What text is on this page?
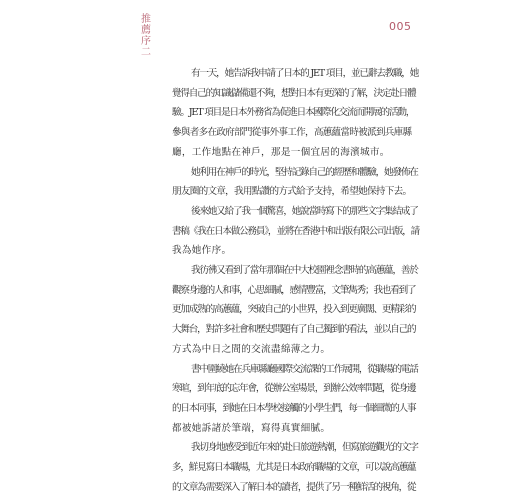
推
薦
序
二
005

有一天，她告訴我申請了日本的 JET 項目，並已辭去教職，她

覺得自己的知識儲備還不夠，想對日本有更深的了解，決定赴日體

驗。JET 項目是日本外務省為促進日本國際化交流而開展的活動，

參與者多在政府部門從事外事工作，高蕙蘊當時被派到兵庫縣

廳，工作地點在神戶，那是一個宜居的海濱城市。

她利用在神戶的時光，堅持記錄自己的經歷和體驗，她發佈在

朋友圈的文章，我用點讚的方式給予支持，希望她保持下去。

後來她又給了我一個驚喜，她說當時寫下的那些文字集結成了

書稿《我在日本做公務員》，並將在香港中和出版有限公司出版，請

我為她作序。

我彷彿又看到了當年那個在中大校園裡念書時的高蕙蘊，善於

觀察身邊的人和事，心思細膩，感情豐富，文筆雋秀；我也看到了

更加成熟的高蕙蘊，突破自己的小世界，投入到更廣闊、更精彩的

大舞台，對許多社會和歷史問題有了自己獨到的看法，並以自己的

方式為中日之間的交流盡綿薄之力。

書中圍繞她在兵庫縣廳國際交流課的工作展開，從職場的電話

寒暄，到年底的忘年會，從辦公室場景，到辦公效率問題，從身邊

的日本同事，到她在日本學校接觸的小學生們，每一個細微的人事

都被她訴諸於筆端，寫得真實細膩。

我切身地感受到近年來的赴日旅遊熱潮，但寫旅遊觀光的文字

多，鮮見寫日本職場，尤其是日本政府職場的文章，可以說高蕙蘊

的文章為需要深入了解日本的讀者，提供了另一種鮮活的視角，從
